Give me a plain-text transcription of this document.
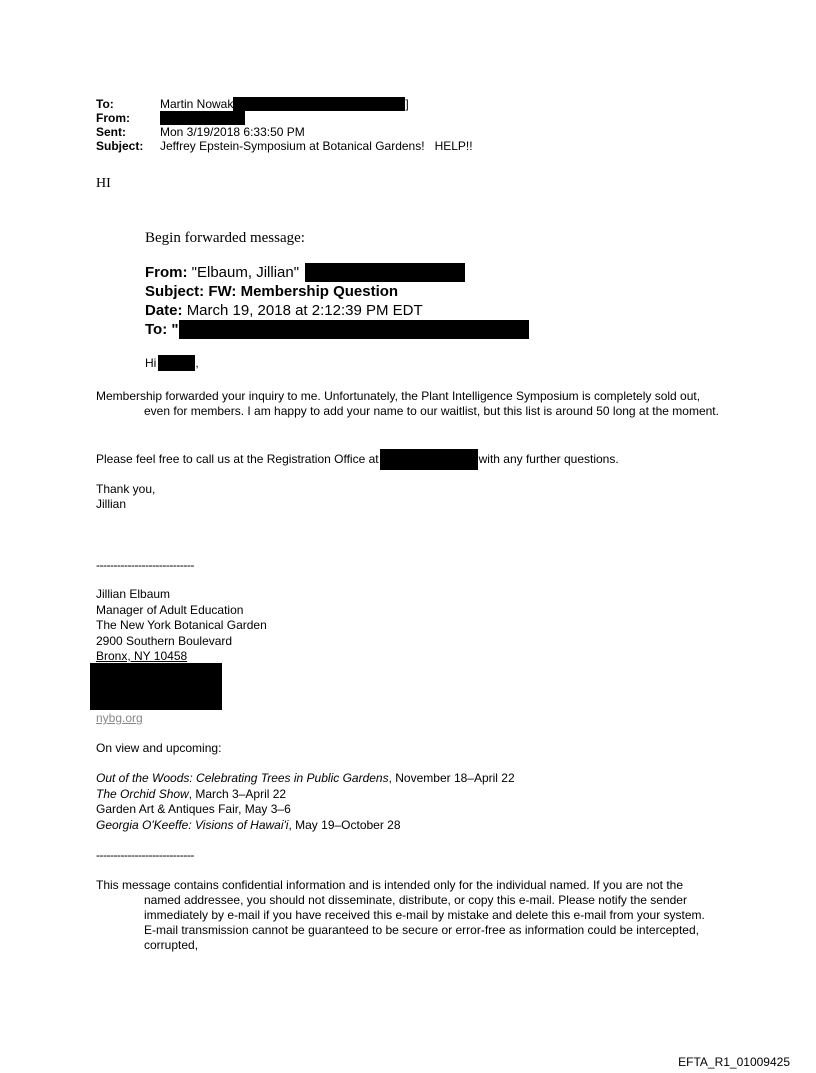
To:	Martin Nowak	]
From:
Sent:	Mon 3/19/2018 6:33:50 PM
Subject:	Jeffrey Epstein-Symposium at Botanical Gardens!   HELP!!
HI
Begin forwarded message:
From:
"Elbaum, Jillian"
Subject:
FW: Membership Question
Date:
March 19, 2018 at 2:12:39 PM EDT
To:
"
Hi	,
Membership forwarded your inquiry to me. Unfortunately, the Plant Intelligence Symposium is completely sold out, even for members. I am happy to add your name to our waitlist, but this list is around 50 long at the moment.
Please feel free to call us at the Registration Office at	with any further questions.
Thank you,
Jillian
----------------------------
Jillian Elbaum
Manager of Adult Education
The New York Botanical Garden
2900 Southern Boulevard
Bronx, NY 10458
nybg.org
On view and upcoming:
Out of the Woods: Celebrating Trees in Public Gardens, November 18–April 22
The Orchid Show, March 3–April 22
Garden Art & Antiques Fair, May 3–6
Georgia O'Keeffe: Visions of Hawai'i, May 19–October 28
----------------------------
This message contains confidential information and is intended only for the individual named. If you are not the named addressee, you should not disseminate, distribute, or copy this e-mail. Please notify the sender immediately by e-mail if you have received this e-mail by mistake and delete this e-mail from your system. E-mail transmission cannot be guaranteed to be secure or error-free as information could be intercepted, corrupted,
EFTA_R1_01009425
